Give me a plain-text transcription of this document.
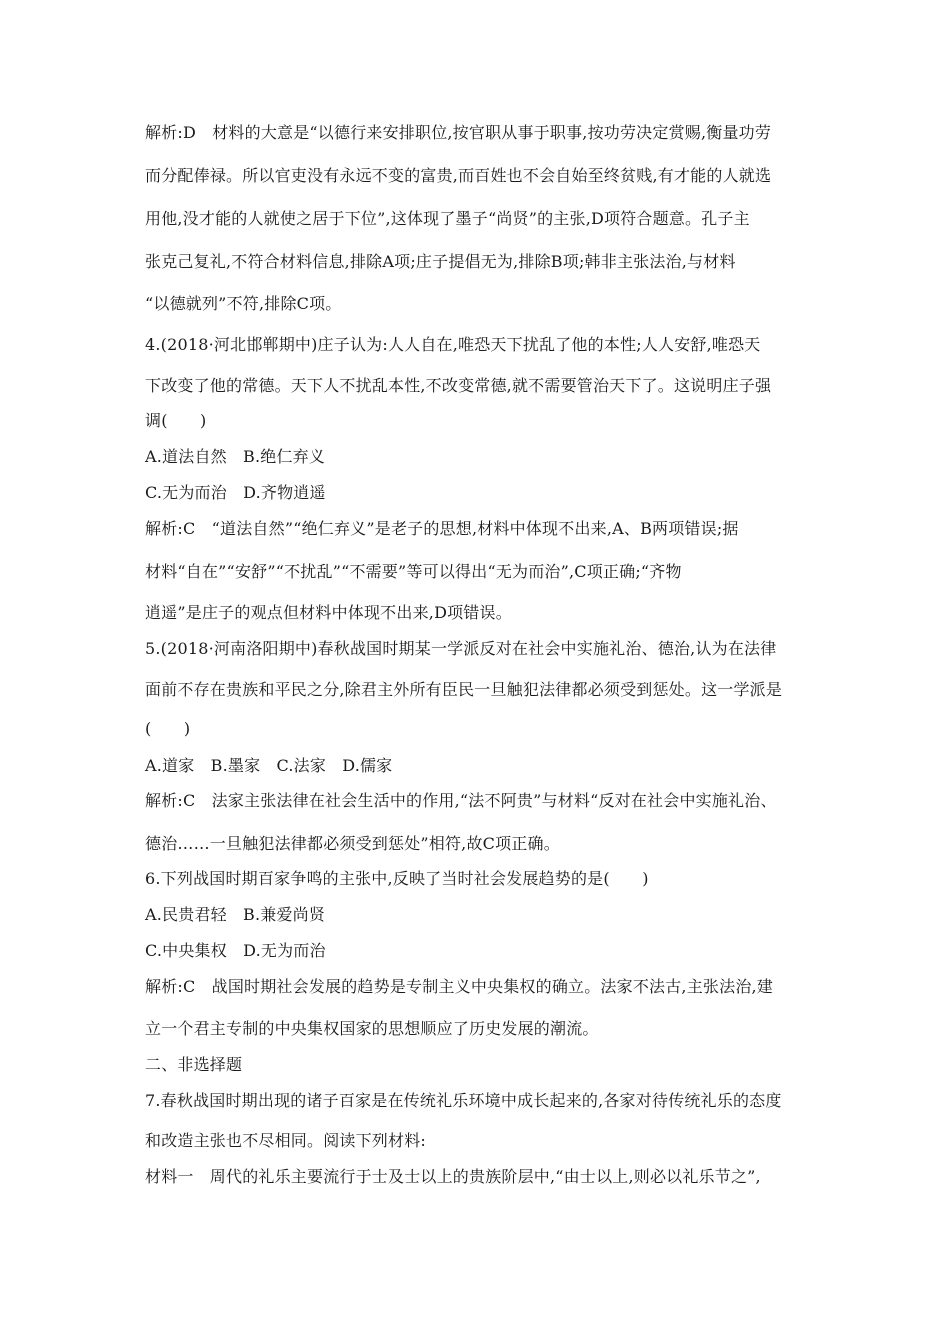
解析:D　材料的大意是“以德行来安排职位,按官职从事于职事,按功劳决定赏赐,衡量功劳
而分配俸禄。所以官吏没有永远不变的富贵,而百姓也不会自始至终贫贱,有才能的人就选
用他,没才能的人就使之居于下位”,这体现了墨子“尚贤”的主张,D项符合题意。孔子主
张克己复礼,不符合材料信息,排除A项;庄子提倡无为,排除B项;韩非主张法治,与材料
“以德就列”不符,排除C项。
4.(2018·河北邯郸期中)庄子认为:人人自在,唯恐天下扰乱了他的本性;人人安舒,唯恐天
下改变了他的常德。天下人不扰乱本性,不改变常德,就不需要管治天下了。这说明庄子强
调(　　)
A.道法自然　B.绝仁弃义
C.无为而治　D.齐物逍遥
解析:C　“道法自然”“绝仁弃义”是老子的思想,材料中体现不出来,A、B两项错误;据
材料“自在”“安舒”“不扰乱”“不需要”等可以得出“无为而治”,C项正确;“齐物
逍遥”是庄子的观点但材料中体现不出来,D项错误。
5.(2018·河南洛阳期中)春秋战国时期某一学派反对在社会中实施礼治、德治,认为在法律
面前不存在贵族和平民之分,除君主外所有臣民一旦触犯法律都必须受到惩处。这一学派是
(　　)
A.道家　B.墨家　C.法家　D.儒家
解析:C　法家主张法律在社会生活中的作用,“法不阿贵”与材料“反对在社会中实施礼治、
德治……一旦触犯法律都必须受到惩处”相符,故C项正确。
6.下列战国时期百家争鸣的主张中,反映了当时社会发展趋势的是(　　)
A.民贵君轻　B.兼爱尚贤
C.中央集权　D.无为而治
解析:C　战国时期社会发展的趋势是专制主义中央集权的确立。法家不法古,主张法治,建
立一个君主专制的中央集权国家的思想顺应了历史发展的潮流。
二、非选择题
7.春秋战国时期出现的诸子百家是在传统礼乐环境中成长起来的,各家对待传统礼乐的态度
和改造主张也不尽相同。阅读下列材料:
材料一　周代的礼乐主要流行于士及士以上的贵族阶层中,“由士以上,则必以礼乐节之”,
